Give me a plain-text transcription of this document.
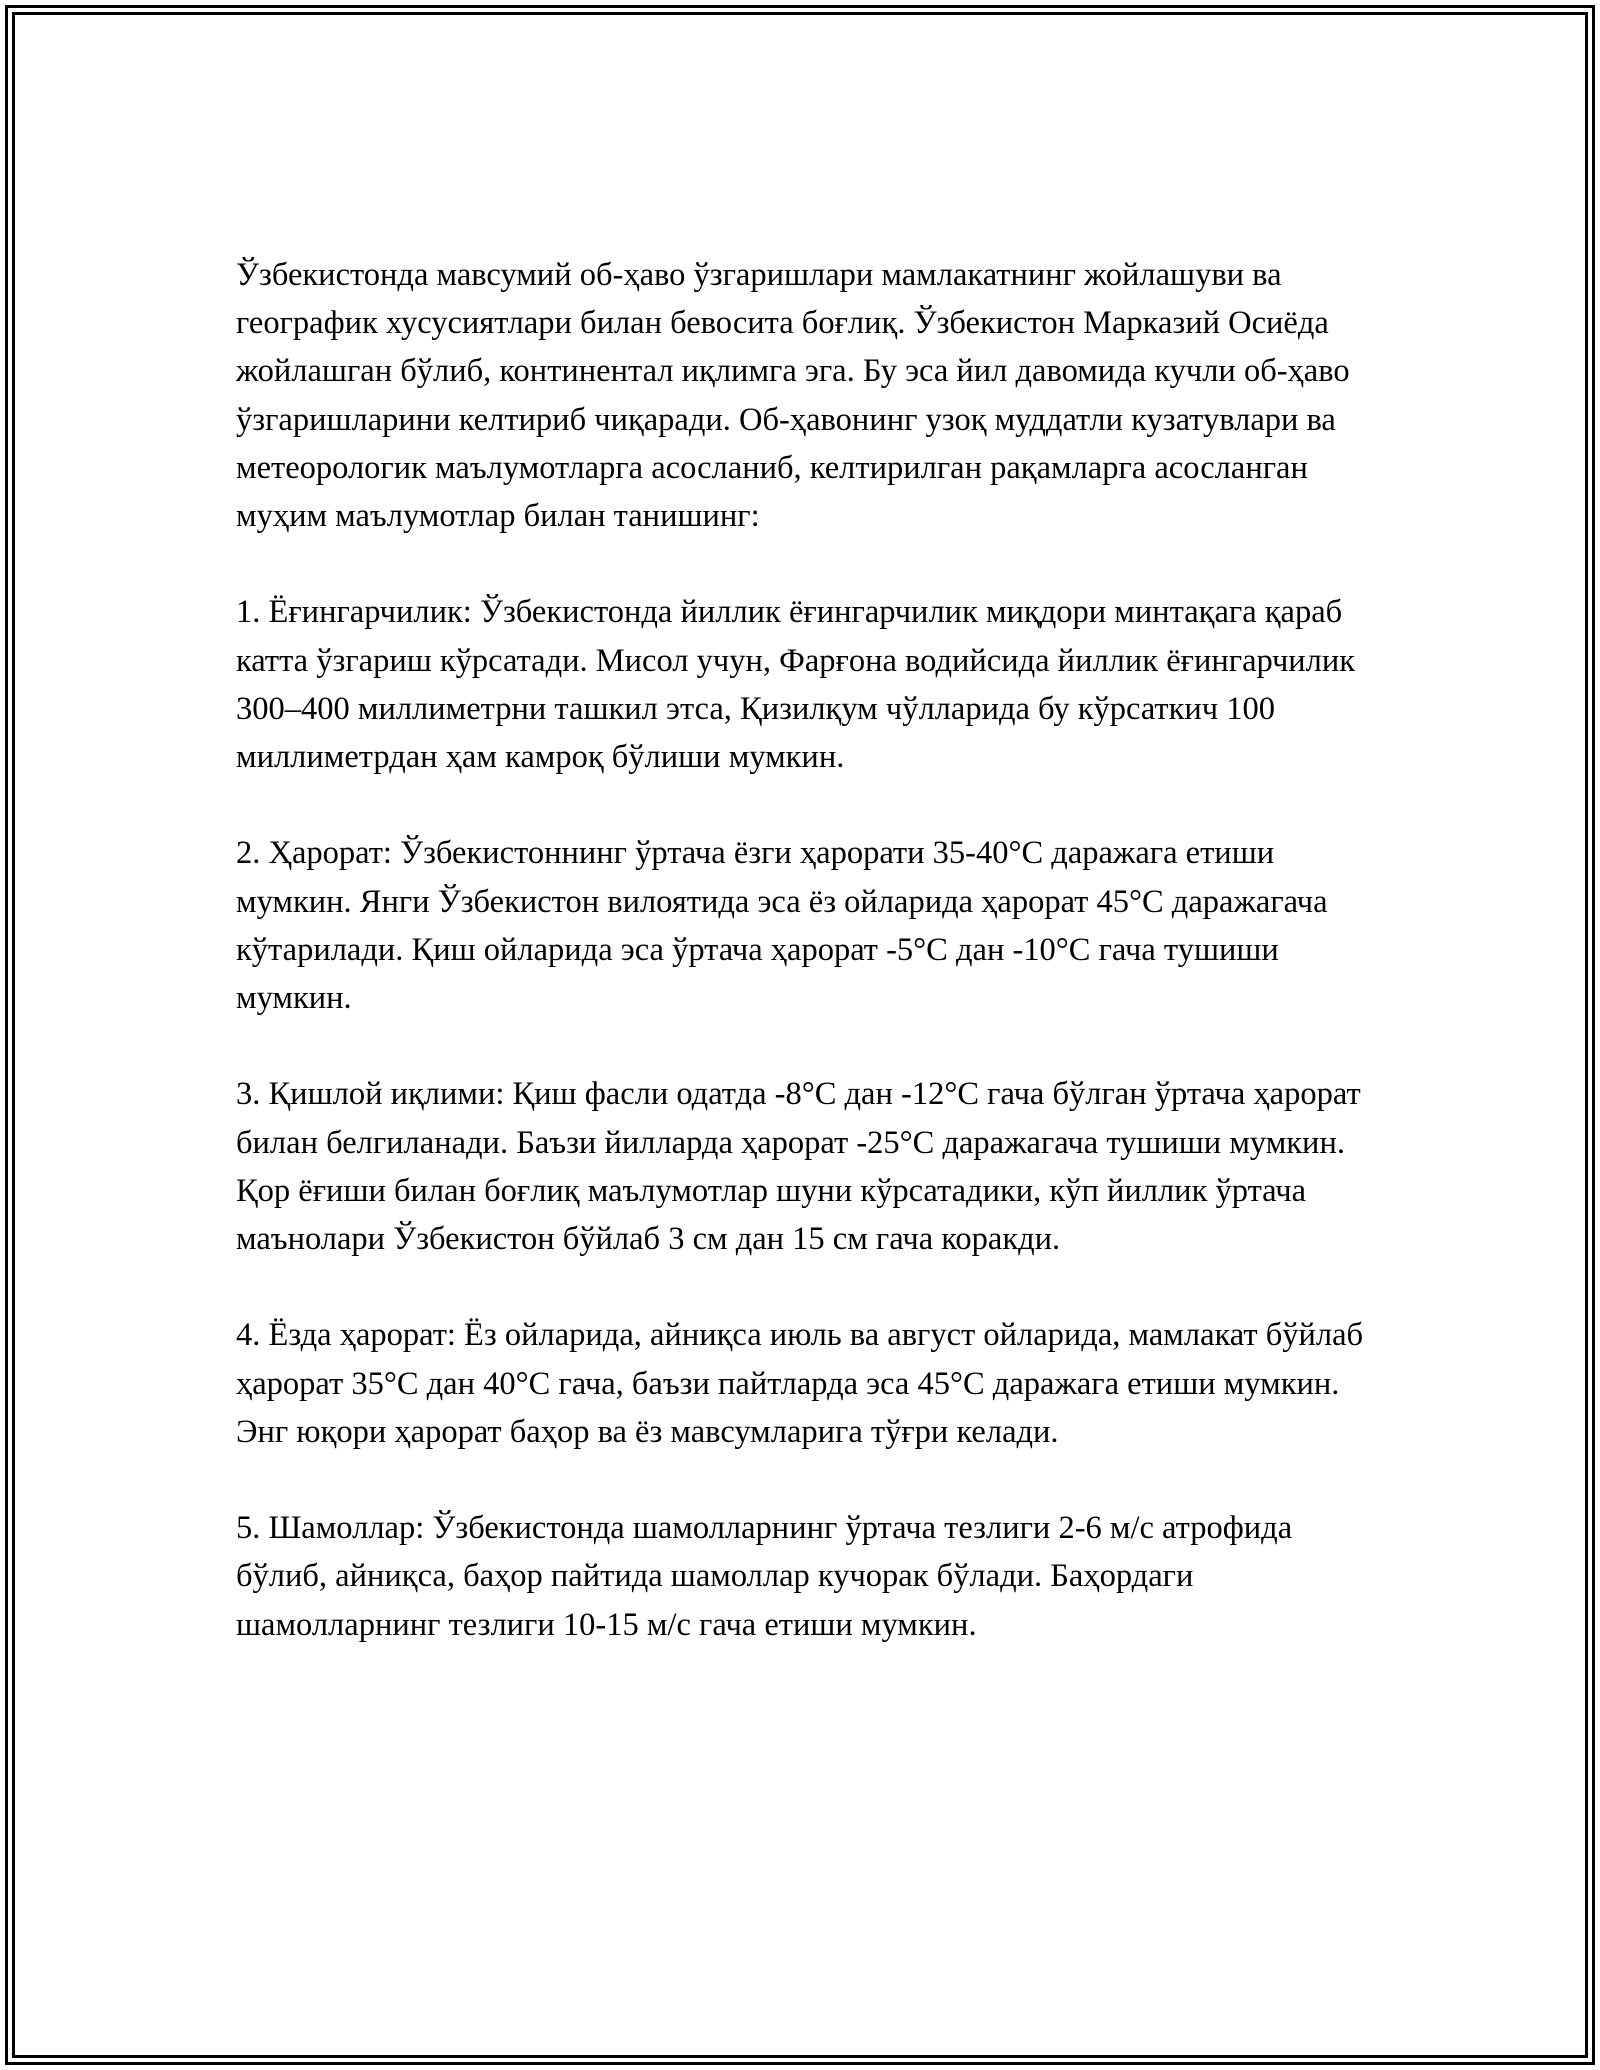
Ўзбекистонда мавсумий об-ҳаво ўзгаришлари мамлакатнинг жойлашуви ва географик хусусиятлари билан бевосита боғлиқ. Ўзбекистон Марказий Осиёда жойлашган бўлиб, континентал иқлимга эга. Бу эса йил давомида кучли об-ҳаво ўзгаришларини келтириб чиқаради. Об-ҳавонинг узоқ муддатли кузатувлари ва метеорологик маълумотларга асосланиб, келтирилган рақамларга асосланган муҳим маълумотлар билан танишинг:

1. Ёғингарчилик: Ўзбекистонда йиллик ёғингарчилик миқдори минтақага қараб катта ўзгариш кўрсатади. Мисол учун, Фарғона водийсида йиллик ёғингарчилик 300–400 миллиметрни ташкил этса, Қизилқум чўлларида бу кўрсаткич 100 миллиметрдан ҳам камроқ бўлиши мумкин.

2. Ҳарорат: Ўзбекистоннинг ўртача ёзги ҳарорати 35-40°C даражага етиши мумкин. Янги Ўзбекистон вилоятида эса ёз ойларида ҳарорат 45°C даражагача кўтарилади. Қиш ойларида эса ўртача ҳарорат -5°C дан -10°C гача тушиши мумкин.

3. Қишлой иқлими: Қиш фасли одатда -8°C дан -12°C гача бўлган ўртача ҳарорат билан белгиланади. Баъзи йилларда ҳарорат -25°C даражагача тушиши мумкин. Қор ёғиши билан боғлиқ маълумотлар шуни кўрсатадики, кўп йиллик ўртача маънолари Ўзбекистон бўйлаб 3 см дан 15 см гача коракди.

4. Ёзда ҳарорат: Ёз ойларида, айниқса июль ва август ойларида, мамлакат бўйлаб ҳарорат 35°C дан 40°C гача, баъзи пайтларда эса 45°C даражага етиши мумкин. Энг юқори ҳарорат баҳор ва ёз мавсумларига тўғри келади.

5. Шамоллар: Ўзбекистонда шамолларнинг ўртача тезлиги 2-6 м/с атрофида бўлиб, айниқса, баҳор пайтида шамоллар кучорак бўлади. Баҳордаги шамолларнинг тезлиги 10-15 м/с гача етиши мумкин.
